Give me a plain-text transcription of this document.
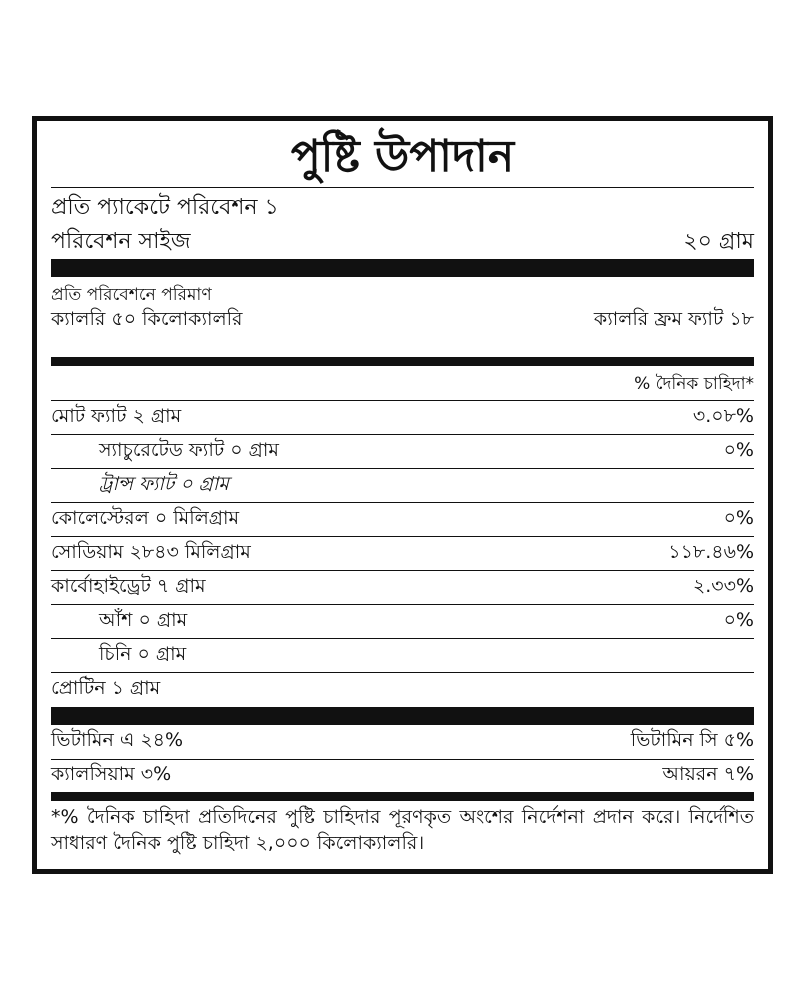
পুষ্টি উপাদান
প্রতি প্যাকেটে পরিবেশন ১
পরিবেশন সাইজ	২০ গ্রাম
প্রতি পরিবেশনে পরিমাণ
ক্যালরি ৫০ কিলোক্যালরি	ক্যালরি ফ্রম ফ্যাট ১৮
% দৈনিক চাহিদা*
মোট ফ্যাট ২ গ্রাম	৩.০৮%
স্যাচুরেটেড ফ্যাট ০ গ্রাম	০%
ট্রান্স ফ্যাট ০ গ্রাম
কোলেস্টেরল ০ মিলিগ্রাম	০%
সোডিয়াম ২৮৪৩ মিলিগ্রাম	১১৮.৪৬%
কার্বোহাইড্রেট ৭ গ্রাম	২.৩৩%
আঁশ ০ গ্রাম	০%
চিনি ০ গ্রাম
প্রোটিন ১ গ্রাম
ভিটামিন এ ২৪%	ভিটামিন সি ৫%
ক্যালসিয়াম ৩%	আয়রন ৭%
*% দৈনিক চাহিদা প্রতিদিনের পুষ্টি চাহিদার পূরণকৃত অংশের নির্দেশনা প্রদান করে। নির্দেশিত সাধারণ দৈনিক পুষ্টি চাহিদা ২,০০০ কিলোক্যালরি।
